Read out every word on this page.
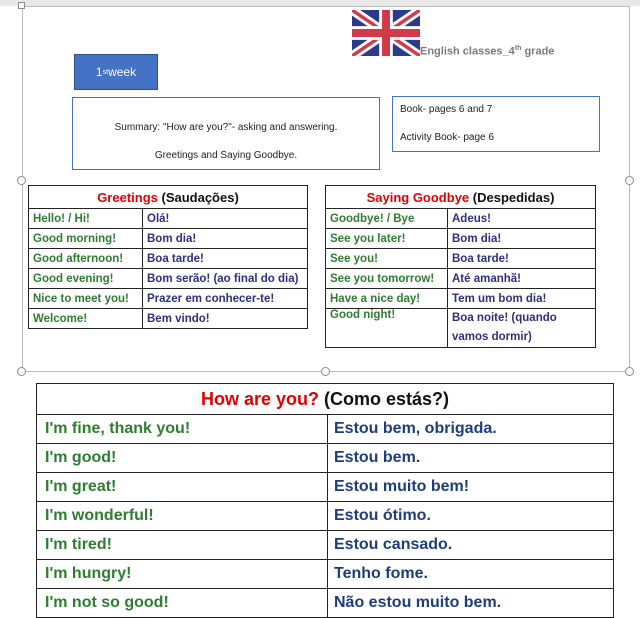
English classes_4th grade
1 st week
Summary: "How are you?"- asking and answering.
Greetings and Saying Goodbye.
Book- pages 6 and 7
Activity Book- page 6
Greetings (Saudações)	
Hello! / Hi!	Olá!
Good morning!	Bom dia!
Good afternoon!	Boa tarde!
Good evening!	Bom serão! (ao final do dia)
Nice to meet you!	Prazer em conhecer-te!
Welcome!	Bem vindo!
Saying Goodbye (Despedidas)	
Goodbye! / Bye	Adeus!
See you later!	Bom dia!
See you!	Boa tarde!
See you tomorrow!	Até amanhã!
Have a nice day!	Tem um bom dia!
Good night!	Boa noite! (quando vamos dormir)
How are you? (Como estás?)	
I'm fine, thank you!	Estou bem, obrigada.
I'm good!	Estou bem.
I'm great!	Estou muito bem!
I'm wonderful!	Estou ótimo.
I'm tired!	Estou cansado.
I'm hungry!	Tenho fome.
I'm not so good!	Não estou muito bem.
